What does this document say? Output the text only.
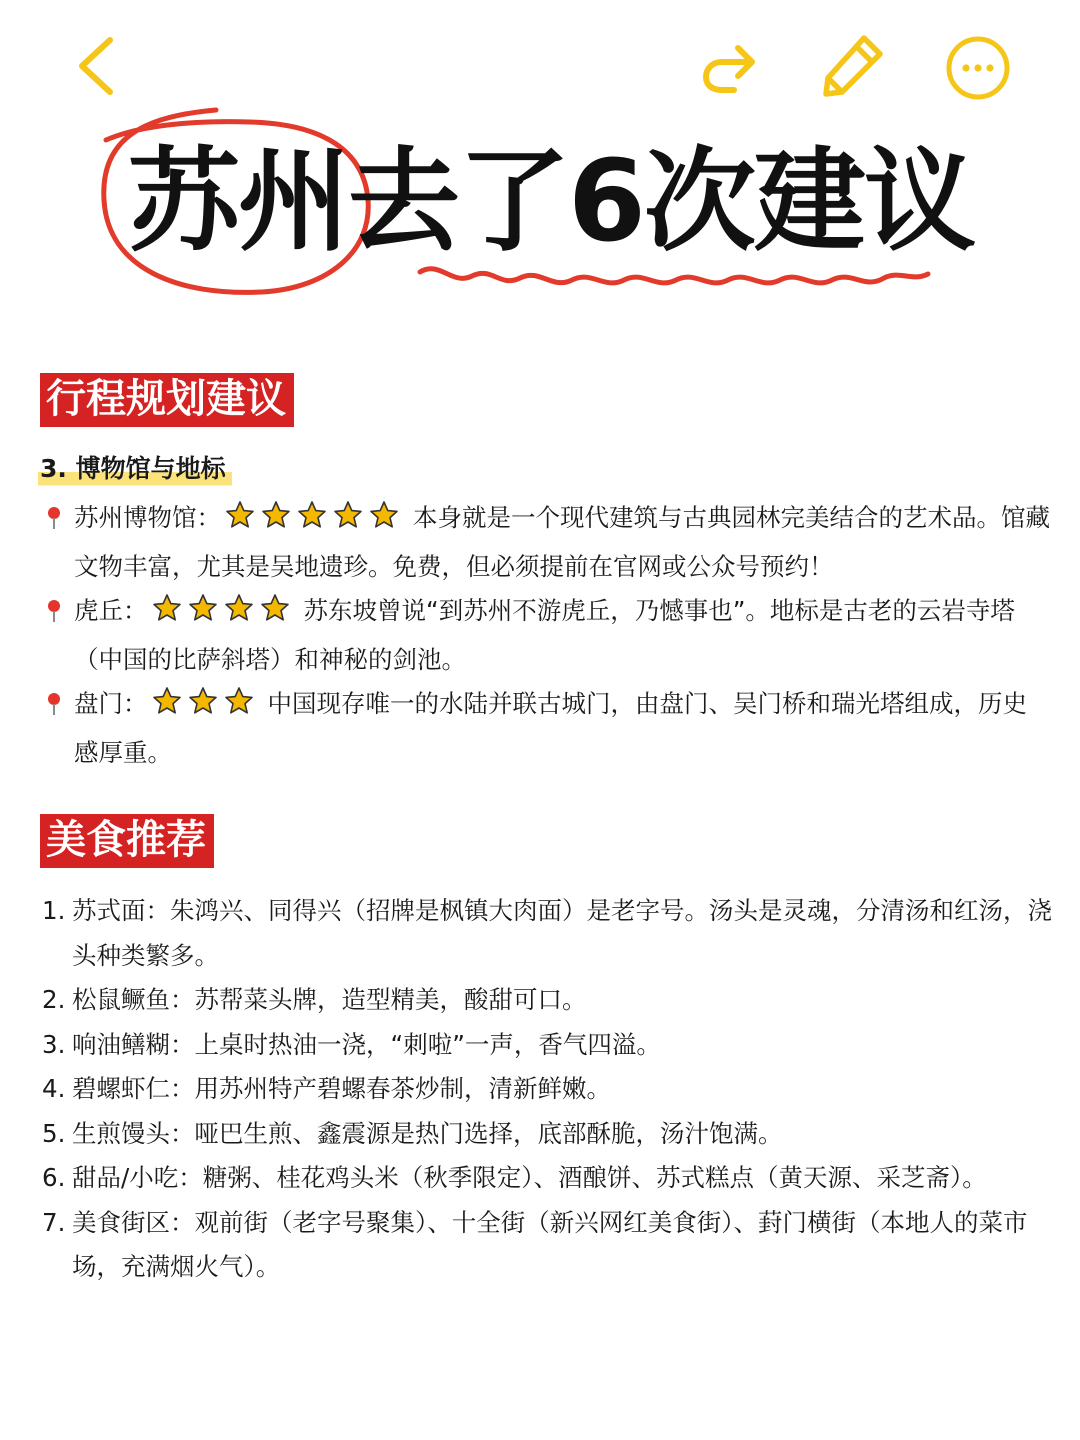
苏州去了6次建议
行程规划建议
3. 博物馆与地标
苏州博物馆：	本身就是一个现代建筑与古典园林完美结合的艺术品。馆藏文物丰富，尤其是吴地遗珍。免费，但必须提前在官网或公众号预约！
虎丘：	苏东坡曾说“到苏州不游虎丘，乃憾事也”。地标是古老的云岩寺塔（中国的比萨斜塔）和神秘的剑池。
盘门：	中国现存唯一的水陆并联古城门，由盘门、吴门桥和瑞光塔组成，历史感厚重。
美食推荐
1. 苏式面：朱鸿兴、同得兴（招牌是枫镇大肉面）是老字号。汤头是灵魂，分清汤和红汤，浇头种类繁多。
2. 松鼠鳜鱼：苏帮菜头牌，造型精美，酸甜可口。
3. 响油鳝糊：上桌时热油一浇，“刺啦”一声，香气四溢。
4. 碧螺虾仁：用苏州特产碧螺春茶炒制，清新鲜嫩。
5. 生煎馒头：哑巴生煎、鑫震源是热门选择，底部酥脆，汤汁饱满。
6. 甜品/小吃：糖粥、桂花鸡头米（秋季限定）、酒酿饼、苏式糕点（黄天源、采芝斋）。
7. 美食街区：观前街（老字号聚集）、十全街（新兴网红美食街）、葑门横街（本地人的菜市场，充满烟火气）。
